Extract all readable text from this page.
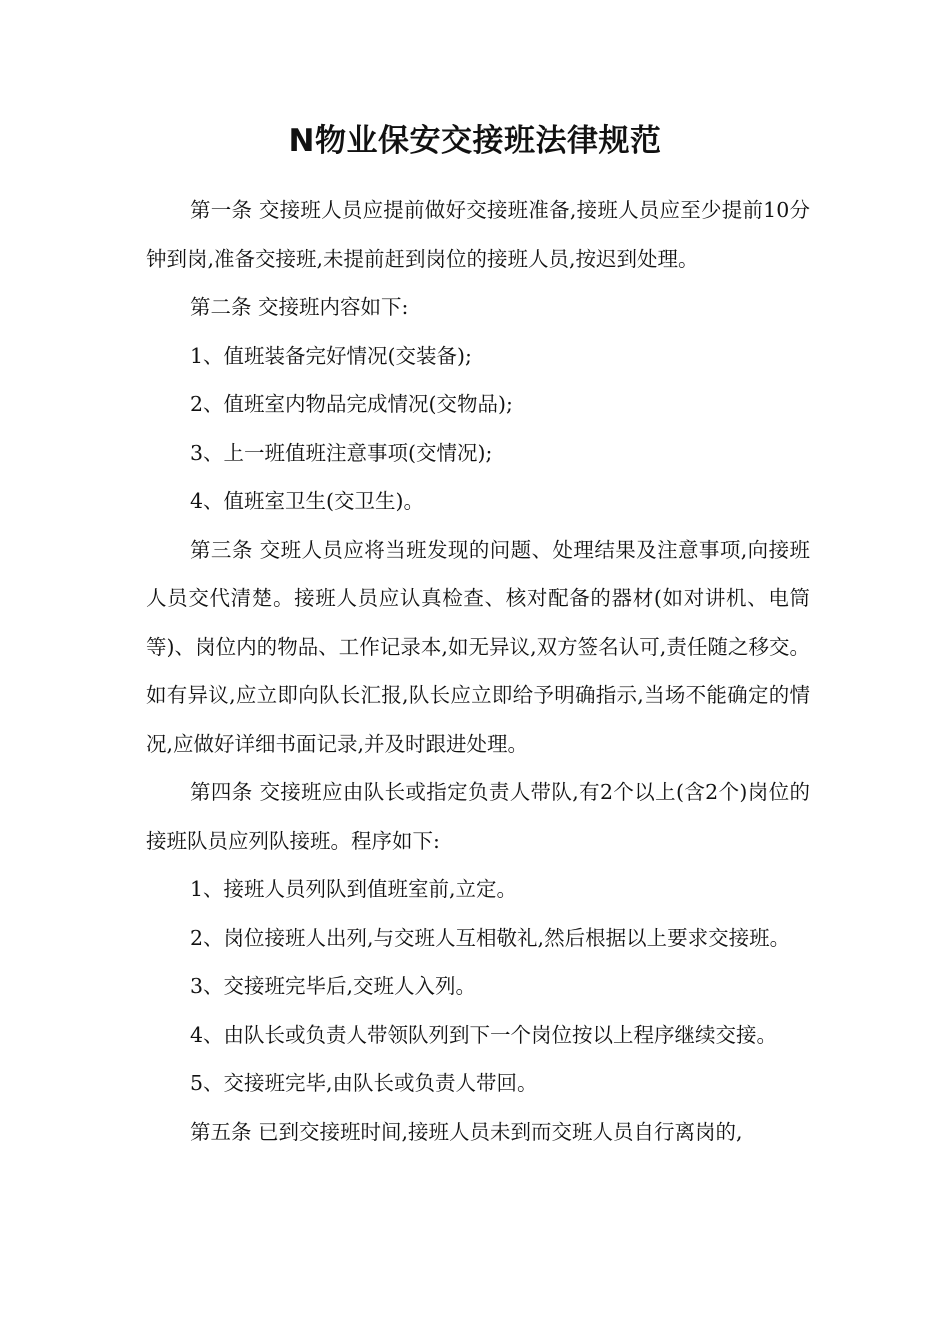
N物业保安交接班法律规范

第一条 交接班人员应提前做好交接班准备,接班人员应至少提前10分钟到岗,准备交接班,未提前赶到岗位的接班人员,按迟到处理。

第二条 交接班内容如下:

1、值班装备完好情况(交装备);

2、值班室内物品完成情况(交物品);

3、上一班值班注意事项(交情况);

4、值班室卫生(交卫生)。

第三条 交班人员应将当班发现的问题、处理结果及注意事项,向接班人员交代清楚。接班人员应认真检查、核对配备的器材(如对讲机、电筒等)、岗位内的物品、工作记录本,如无异议,双方签名认可,责任随之移交。如有异议,应立即向队长汇报,队长应立即给予明确指示,当场不能确定的情况,应做好详细书面记录,并及时跟进处理。

第四条 交接班应由队长或指定负责人带队,有2个以上(含2个)岗位的接班队员应列队接班。程序如下:

1、接班人员列队到值班室前,立定。

2、岗位接班人出列,与交班人互相敬礼,然后根据以上要求交接班。

3、交接班完毕后,交班人入列。

4、由队长或负责人带领队列到下一个岗位按以上程序继续交接。

5、交接班完毕,由队长或负责人带回。

第五条 已到交接班时间,接班人员未到而交班人员自行离岗的,
